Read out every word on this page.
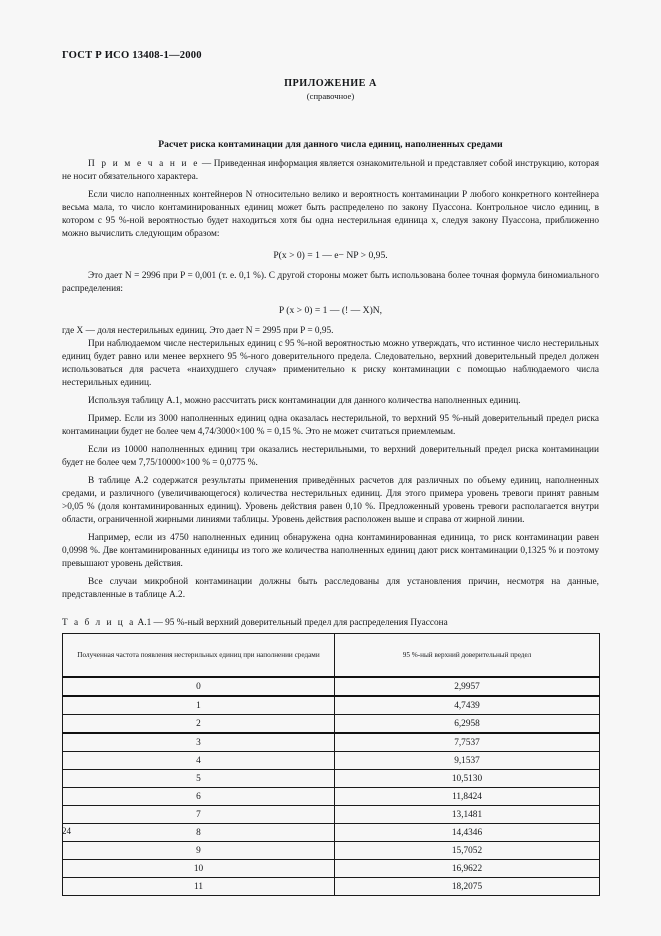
ГОСТ Р ИСО 13408-1—2000
ПРИЛОЖЕНИЕ А
(справочное)
Расчет риска контаминации для данного числа единиц, наполненных средами

П р и м е ч а н и е — Приведенная информация является ознакомительной и представляет собой инструкцию, которая не носит обязательного характера.

Если число наполненных контейнеров N относительно велико и вероятность контаминации P любого конкретного контейнера весьма мала, то число контаминированных единиц может быть распределено по закону Пуассона. Контрольное число единиц, в котором с 95 %-ной вероятностью будет находиться хотя бы одна нестерильная единица x, следуя закону Пуассона, приближенно можно вычислить следующим образом:

P(x > 0) = 1 — e− NP > 0,95.

Это дает N = 2996 при P = 0,001 (т. е. 0,1 %). С другой стороны может быть использована более точная формула биномиального распределения:

P (x > 0) = 1 — (! — X)N,

где X — доля нестерильных единиц. Это дает N = 2995 при P = 0,95.

При наблюдаемом числе нестерильных единиц с 95 %-ной вероятностью можно утверждать, что истинное число нестерильных единиц будет равно или менее верхнего 95 %-ного доверительного предела. Следовательно, верхний доверительный предел должен использоваться для расчета «наихудшего случая» применительно к риску контаминации с помощью наблюдаемого числа нестерильных единиц.

Используя таблицу А.1, можно рассчитать риск контаминации для данного количества наполненных единиц.

Пример. Если из 3000 наполненных единиц одна оказалась нестерильной, то верхний 95 %-ный доверительный предел риска контаминации будет не более чем 4,74/3000×100 % = 0,15 %. Это не может считаться приемлемым.

Если из 10000 наполненных единиц три оказались нестерильными, то верхний доверительный предел риска контаминации будет не более чем 7,75/10000×100 % = 0,0775 %.

В таблице А.2 содержатся результаты применения приведённых расчетов для различных по объему единиц, наполненных средами, и различного (увеличивающегося) количества нестерильных единиц. Для этого примера уровень тревоги принят равным >0,05 % (доля контаминированных единиц). Уровень действия равен 0,10 %. Предложенный уровень тревоги располагается внутри области, ограниченной жирными линиями таблицы. Уровень действия расположен выше и справа от жирной линии.

Например, если из 4750 наполненных единиц обнаружена одна контаминированная единица, то риск контаминации равен 0,0998 %. Две контаминированных единицы из того же количества наполненных единиц дают риск контаминации 0,1325 % и поэтому превышают уровень действия.

Все случаи микробной контаминации должны быть расследованы для установления причин, несмотря на данные, представленные в таблице А.2.

Т а б л и ц а А.1 — 95 %-ный верхний доверительный предел для распределения Пуассона

Полученная частота появления нестерильных единиц при наполнении средами	95 %-ный верхний доверительный предел
0	2,9957
1	4,7439
2	6,2958
3	7,7537
4	9,1537
5	10,5130
6	11,8424
7	13,1481
8	14,4346
9	15,7052
10	16,9622
11	18,2075
24
